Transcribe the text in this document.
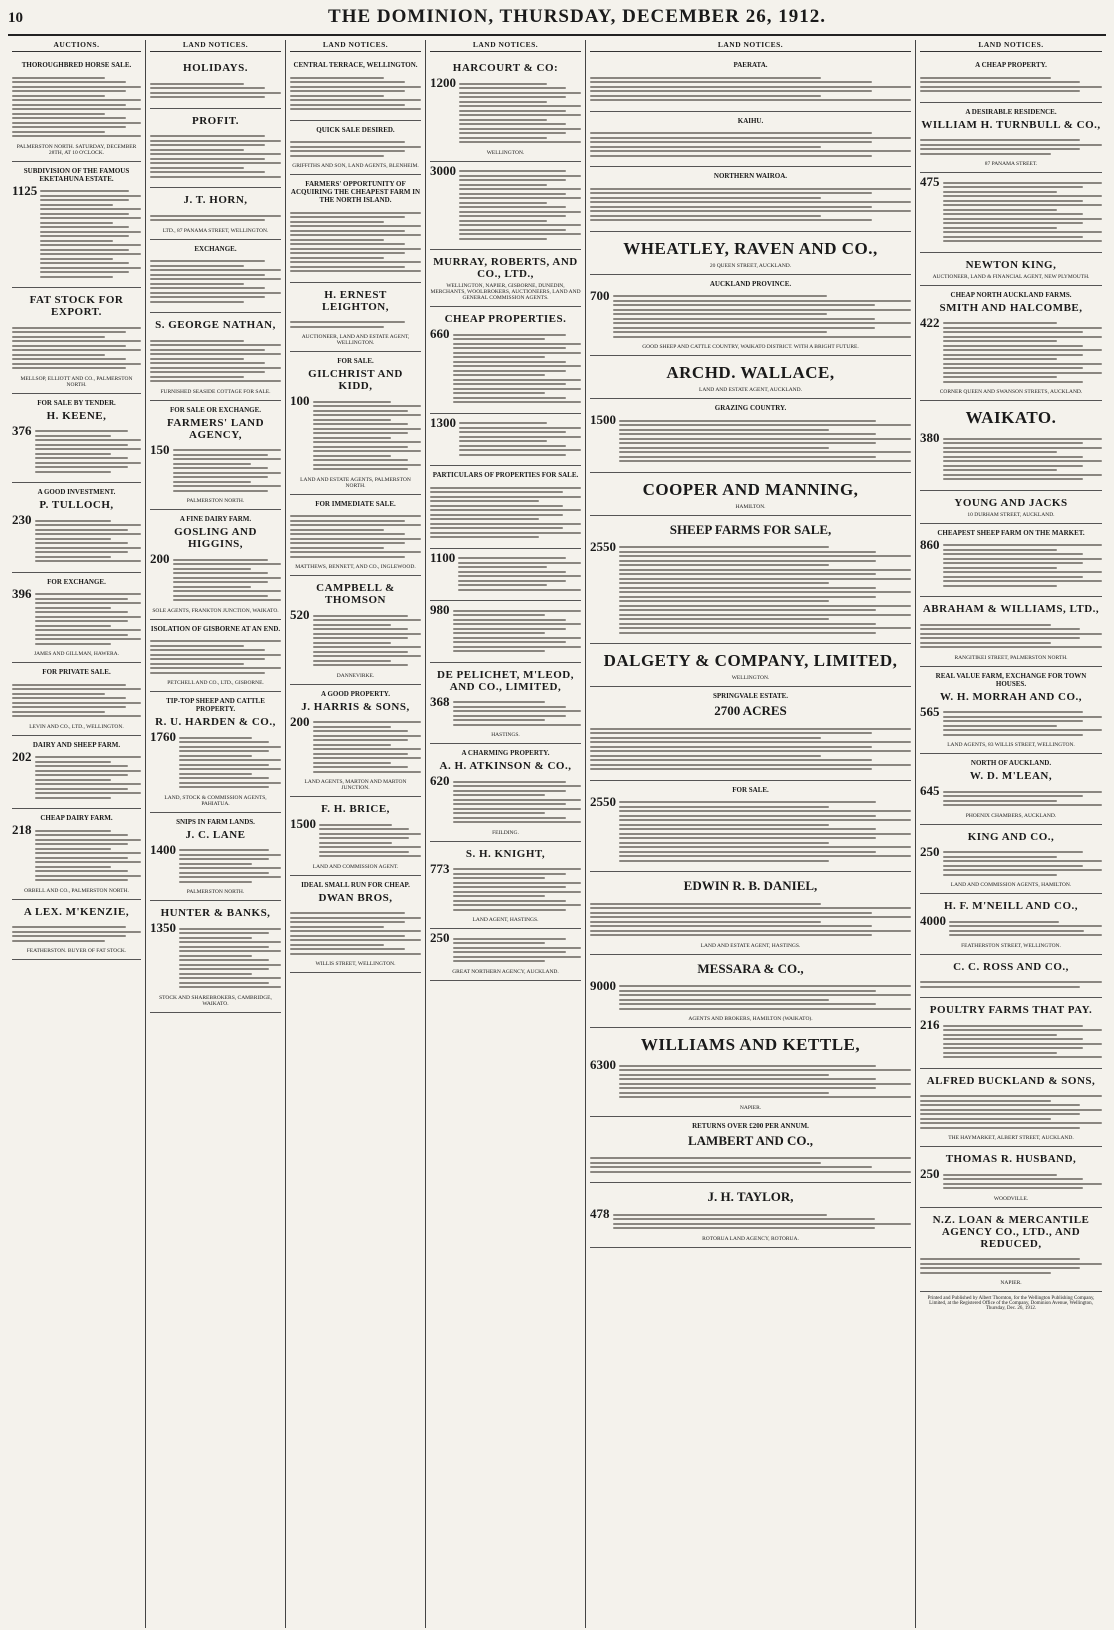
10	THE DOMINION, THURSDAY, DECEMBER 26, 1912.
AUCTIONS.
THOROUGHBRED HORSE SALE.
PALMERSTON NORTH. SATURDAY, DECEMBER 28TH, AT 10 O'CLOCK.
SUBDIVISION OF THE FAMOUS EKETAHUNA ESTATE.
1125
FAT STOCK FOR EXPORT.
MELLSOP, ELLIOTT AND CO., PALMERSTON NORTH.
FOR SALE BY TENDER.
H. KEENE,
376
A GOOD INVESTMENT.
P. TULLOCH,
230
FOR EXCHANGE.
396
JAMES AND GILLMAN, HAWERA.
FOR PRIVATE SALE.
LEVIN AND CO., LTD., WELLINGTON.
DAIRY AND SHEEP FARM.
202
CHEAP DAIRY FARM.
218
ORBELL AND CO., PALMERSTON NORTH.
A LEX. M'KENZIE,
FEATHERSTON. BUYER OF FAT STOCK.
LAND NOTICES.
HOLIDAYS.
PROFIT.
J. T. HORN,
LTD., 87 PANAMA STREET, WELLINGTON.
EXCHANGE.
S. GEORGE NATHAN,
FURNISHED SEASIDE COTTAGE FOR SALE.
FOR SALE OR EXCHANGE.
FARMERS' LAND AGENCY,
150
PALMERSTON NORTH.
A FINE DAIRY FARM.
GOSLING AND HIGGINS,
200
SOLE AGENTS, FRANKTON JUNCTION, WAIKATO.
ISOLATION OF GISBORNE AT AN END.
PETCHELL AND CO., LTD., GISBORNE.
TIP-TOP SHEEP AND CATTLE PROPERTY.
R. U. HARDEN & CO.,
1760
LAND, STOCK & COMMISSION AGENTS, PAHIATUA.
SNIPS IN FARM LANDS.
J. C. LANE
1400
PALMERSTON NORTH.
HUNTER & BANKS,
1350
STOCK AND SHAREBROKERS, CAMBRIDGE, WAIKATO.
LAND NOTICES.
CENTRAL TERRACE, WELLINGTON.
QUICK SALE DESIRED.
GRIFFITHS AND SON, LAND AGENTS, BLENHEIM.
FARMERS' OPPORTUNITY OF ACQUIRING THE CHEAPEST FARM IN THE NORTH ISLAND.
H. ERNEST LEIGHTON,
AUCTIONEER, LAND AND ESTATE AGENT, WELLINGTON.
FOR SALE.
GILCHRIST AND KIDD,
100
LAND AND ESTATE AGENTS, PALMERSTON NORTH.
FOR IMMEDIATE SALE.
MATTHEWS, BENNETT, AND CO., INGLEWOOD.
CAMPBELL & THOMSON
520
DANNEVIRKE.
A GOOD PROPERTY.
J. HARRIS & SONS,
200
LAND AGENTS, MARTON AND MARTON JUNCTION.
F. H. BRICE,
1500
LAND AND COMMISSION AGENT.
IDEAL SMALL RUN FOR CHEAP.
DWAN BROS,
WILLIS STREET, WELLINGTON.
LAND NOTICES.
HARCOURT & CO:
1200
WELLINGTON.
3000
MURRAY, ROBERTS, AND CO., LTD.,
WELLINGTON, NAPIER, GISBORNE, DUNEDIN, MERCHANTS, WOOLBROKERS, AUCTIONEERS, LAND AND GENERAL COMMISSION AGENTS.
CHEAP PROPERTIES.
660
1300
PARTICULARS OF PROPERTIES FOR SALE.
1100
980
DE PELICHET, M'LEOD, AND CO., LIMITED,
368
HASTINGS.
A CHARMING PROPERTY.
A. H. ATKINSON & CO.,
620
FEILDING.
S. H. KNIGHT,
773
LAND AGENT, HASTINGS.
250
GREAT NORTHERN AGENCY, AUCKLAND.
LAND NOTICES.
PAERATA.
KAIHU.
NORTHERN WAIROA.
WHEATLEY, RAVEN AND CO.,
20 QUEEN STREET, AUCKLAND.
AUCKLAND PROVINCE.
700
GOOD SHEEP AND CATTLE COUNTRY, WAIKATO DISTRICT. WITH A BRIGHT FUTURE.
ARCHD. WALLACE,
LAND AND ESTATE AGENT, AUCKLAND.
GRAZING COUNTRY.
1500
COOPER AND MANNING,
HAMILTON.
SHEEP FARMS FOR SALE,
2550
DALGETY & COMPANY, LIMITED,
WELLINGTON.
SPRINGVALE ESTATE.
2700 ACRES
FOR SALE.
2550
EDWIN R. B. DANIEL,
LAND AND ESTATE AGENT, HASTINGS.
MESSARA & CO.,
9000
AGENTS AND BROKERS, HAMILTON (WAIKATO).
WILLIAMS AND KETTLE,
6300
NAPIER.
RETURNS OVER £200 PER ANNUM.
LAMBERT AND CO.,
J. H. TAYLOR,
478
ROTORUA LAND AGENCY, ROTORUA.
LAND NOTICES.
A CHEAP PROPERTY.
A DESIRABLE RESIDENCE.
WILLIAM H. TURNBULL & CO.,
87 PANAMA STREET.
475
NEWTON KING,
AUCTIONEER, LAND & FINANCIAL AGENT, NEW PLYMOUTH.
CHEAP NORTH AUCKLAND FARMS.
SMITH AND HALCOMBE,
422
CORNER QUEEN AND SWANSON STREETS, AUCKLAND.
WAIKATO.
380
YOUNG AND JACKS
10 DURHAM STREET, AUCKLAND.
CHEAPEST SHEEP FARM ON THE MARKET.
860
ABRAHAM & WILLIAMS, LTD.,
RANGITIKEI STREET, PALMERSTON NORTH.
REAL VALUE FARM, EXCHANGE FOR TOWN HOUSES.
W. H. MORRAH AND CO.,
565
LAND AGENTS, 83 WILLIS STREET, WELLINGTON.
NORTH OF AUCKLAND.
W. D. M'LEAN,
645
PHOENIX CHAMBERS, AUCKLAND.
KING AND CO.,
250
LAND AND COMMISSION AGENTS, HAMILTON.
H. F. M'NEILL AND CO.,
4000
FEATHERSTON STREET, WELLINGTON.
C. C. ROSS AND CO.,
POULTRY FARMS THAT PAY.
216
ALFRED BUCKLAND & SONS,
THE HAYMARKET, ALBERT STREET, AUCKLAND.
THOMAS R. HUSBAND,
250
WOODVILLE.
N.Z. LOAN & MERCANTILE AGENCY CO., LTD., AND REDUCED,
NAPIER.
Printed and Published by Albert Thornton, for the Wellington Publishing Company, Limited, at the Registered Office of the Company, Dominion Avenue, Wellington, Thursday, Dec. 26, 1912.
